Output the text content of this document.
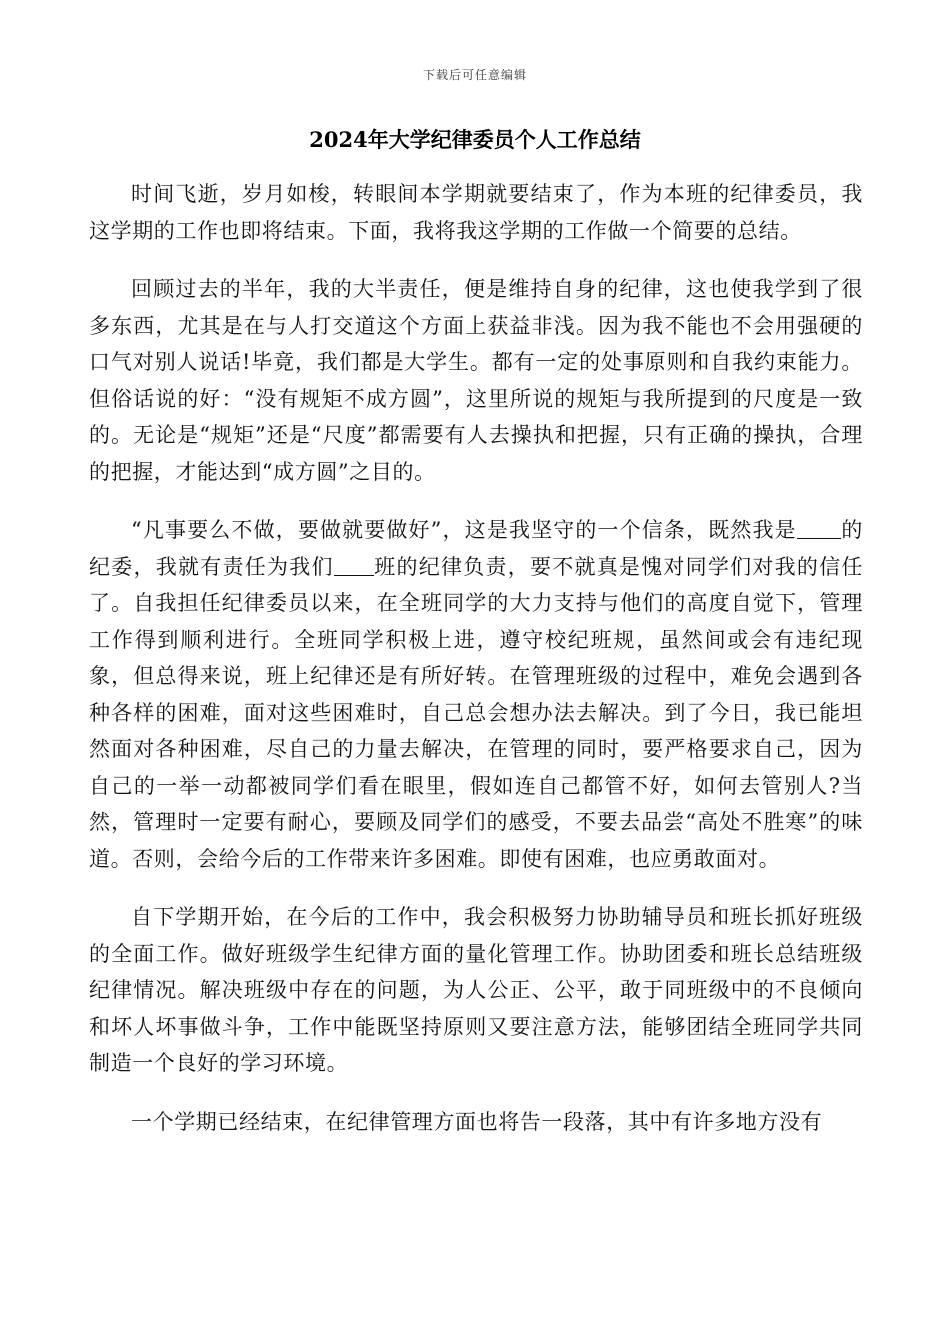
下载后可任意编辑
2024年大学纪律委员个人工作总结

时间飞逝，岁月如梭，转眼间本学期就要结束了，作为本班的纪律委员，我这学期的工作也即将结束。下面，我将我这学期的工作做一个简要的总结。

回顾过去的半年，我的大半责任，便是维持自身的纪律，这也使我学到了很多东西，尤其是在与人打交道这个方面上获益非浅。因为我不能也不会用强硬的口气对别人说话!毕竟，我们都是大学生。都有一定的处事原则和自我约束能力。但俗话说的好：“没有规矩不成方圆”，这里所说的规矩与我所提到的尺度是一致的。无论是“规矩”还是“尺度”都需要有人去操执和把握，只有正确的操执，合理的把握，才能达到“成方圆”之目的。

“凡事要么不做，要做就要做好”，这是我坚守的一个信条，既然我是 的纪委，我就有责任为我们 班的纪律负责，要不就真是愧对同学们对我的信任了。自我担任纪律委员以来，在全班同学的大力支持与他们的高度自觉下，管理工作得到顺利进行。全班同学积极上进，遵守校纪班规，虽然间或会有违纪现象，但总得来说，班上纪律还是有所好转。在管理班级的过程中，难免会遇到各种各样的困难，面对这些困难时，自己总会想办法去解决。到了今日，我已能坦然面对各种困难，尽自己的力量去解决，在管理的同时，要严格要求自己，因为自己的一举一动都被同学们看在眼里，假如连自己都管不好，如何去管别人?当然，管理时一定要有耐心，要顾及同学们的感受，不要去品尝“高处不胜寒”的味道。否则，会给今后的工作带来许多困难。即使有困难，也应勇敢面对。

自下学期开始，在今后的工作中，我会积极努力协助辅导员和班长抓好班级的全面工作。做好班级学生纪律方面的量化管理工作。协助团委和班长总结班级纪律情况。解决班级中存在的问题，为人公正、公平，敢于同班级中的不良倾向和坏人坏事做斗争，工作中能既坚持原则又要注意方法，能够团结全班同学共同制造一个良好的学习环境。

一个学期已经结束，在纪律管理方面也将告一段落，其中有许多地方没有
